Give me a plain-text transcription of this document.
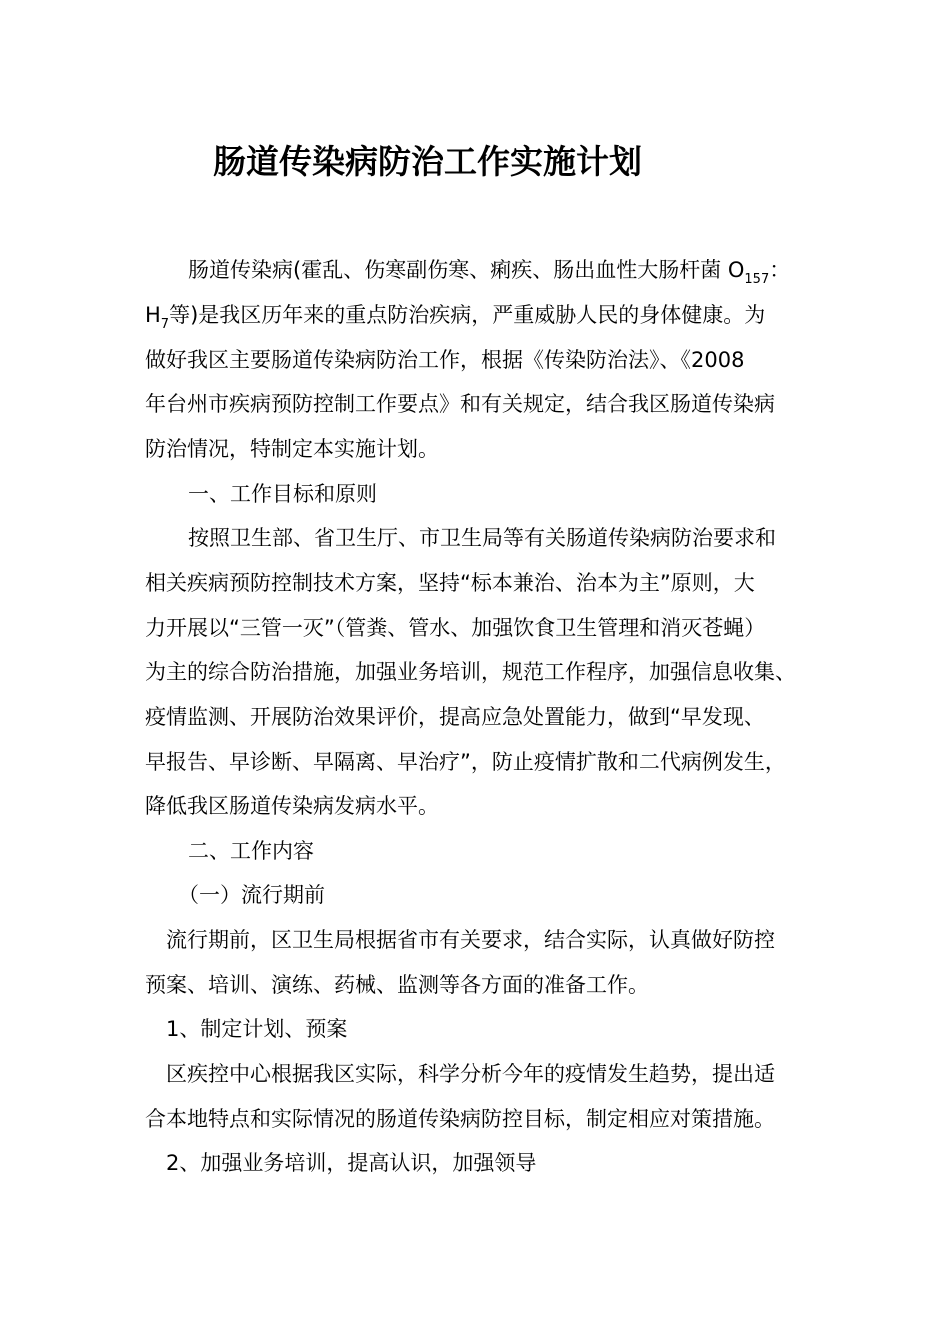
肠道传染病防治工作实施计划

肠道传染病(霍乱、伤寒副伤寒、痢疾、肠出血性大肠杆菌 $O_{157}$：

$H_7$等)是我区历年来的重点防治疾病，严重威胁人民的身体健康。为

做好我区主要肠道传染病防治工作，根据《传染防治法》、《2008

年台州市疾病预防控制工作要点》和有关规定，结合我区肠道传染病

防治情况，特制定本实施计划。

一、工作目标和原则

按照卫生部、省卫生厅、市卫生局等有关肠道传染病防治要求和

相关疾病预防控制技术方案，坚持“标本兼治、治本为主”原则，大

力开展以“三管一灭”（管粪、管水、加强饮食卫生管理和消灭苍蝇）

为主的综合防治措施，加强业务培训，规范工作程序，加强信息收集、

疫情监测、开展防治效果评价，提高应急处置能力，做到“早发现、

早报告、早诊断、早隔离、早治疗”，防止疫情扩散和二代病例发生，

降低我区肠道传染病发病水平。

二、工作内容

（一）流行期前

流行期前，区卫生局根据省市有关要求，结合实际，认真做好防控

预案、培训、演练、药械、监测等各方面的准备工作。

1、制定计划、预案

区疾控中心根据我区实际，科学分析今年的疫情发生趋势，提出适

合本地特点和实际情况的肠道传染病防控目标，制定相应对策措施。

2、加强业务培训，提高认识，加强领导
